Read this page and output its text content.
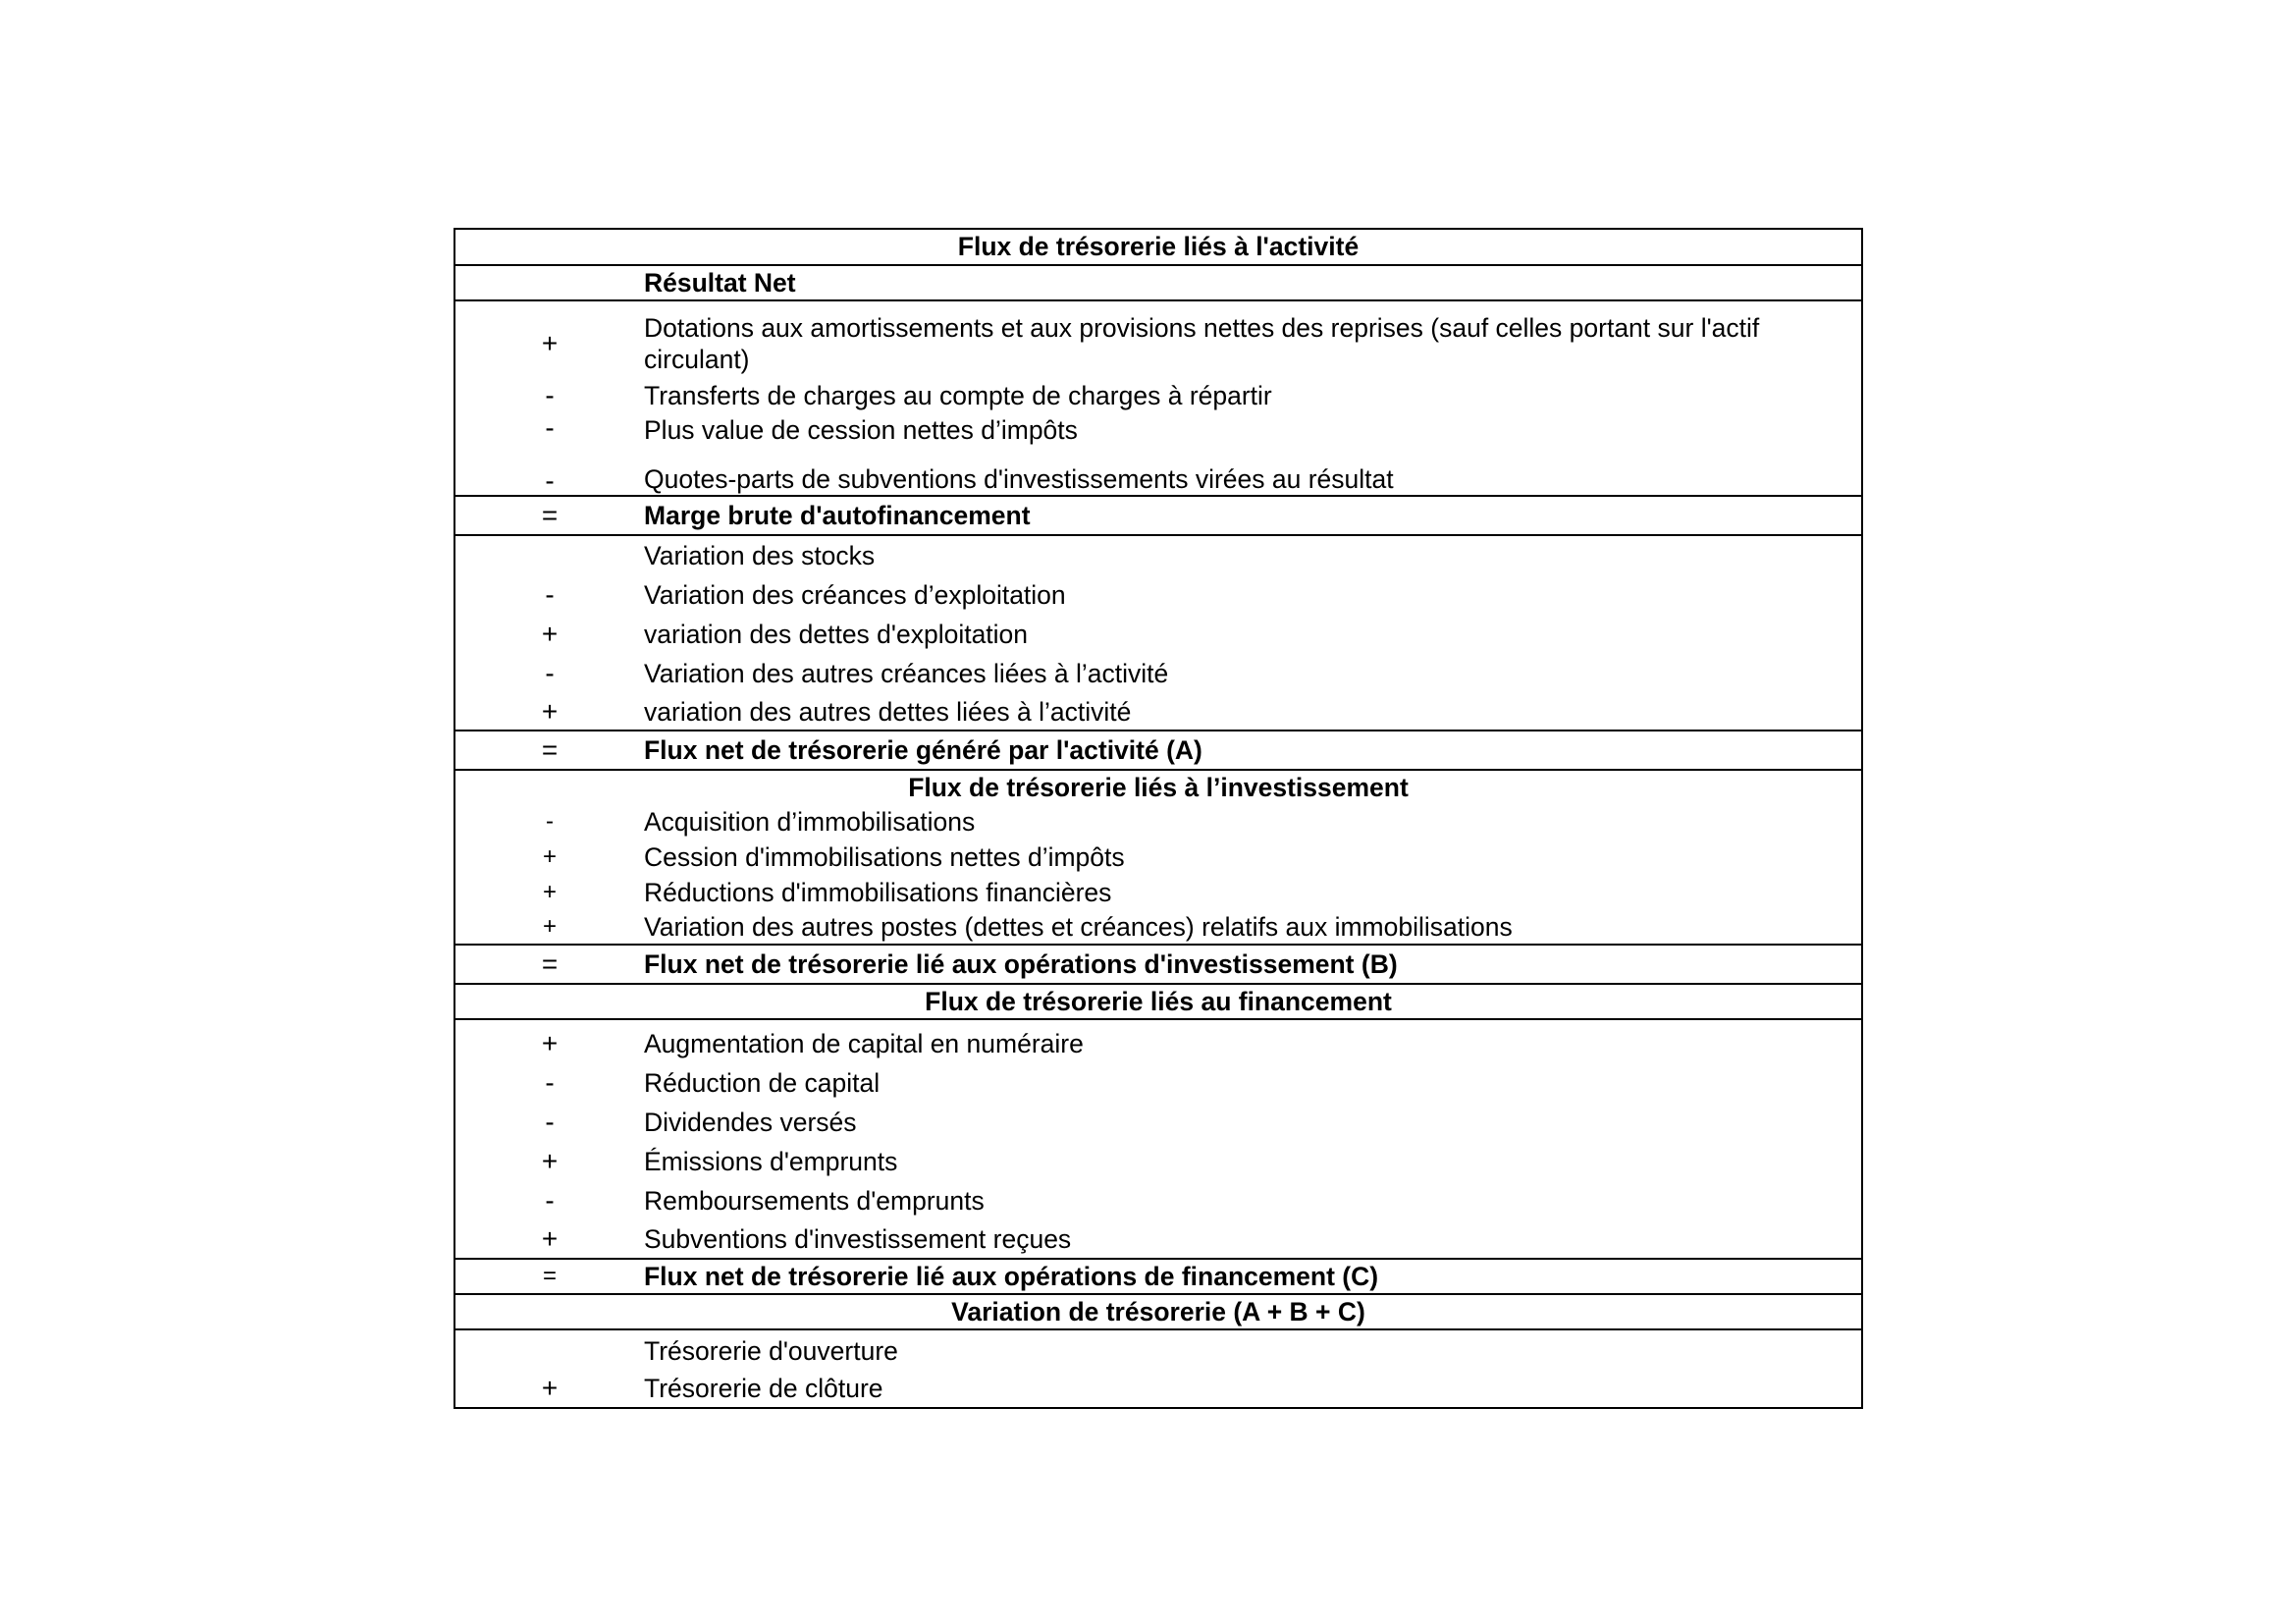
Flux de trésorerie liés à l'activité
Résultat Net
+	Dotations aux amortissements et aux provisions nettes des reprises (sauf celles portant sur l'actif circulant)
-	Transferts de charges au compte de charges à répartir
-	Plus value de cession nettes d’impôts
-	Quotes-parts de subventions d'investissements virées au résultat
=	Marge brute d'autofinancement
Variation des stocks
-	Variation des créances d’exploitation
+	variation des dettes d'exploitation
-	Variation des autres créances liées à l’activité
+	variation des autres dettes liées à l’activité
=	Flux net de trésorerie généré par l'activité (A)
Flux de trésorerie liés à l’investissement
-	Acquisition d’immobilisations
+	Cession d'immobilisations nettes d’impôts
+	Réductions d'immobilisations financières
+	Variation des autres postes (dettes et créances) relatifs aux immobilisations
=	Flux net de trésorerie lié aux opérations d'investissement (B)
Flux de trésorerie liés au financement
+	Augmentation de capital en numéraire
-	Réduction de capital
-	Dividendes versés
+	Émissions d'emprunts
-	Remboursements d'emprunts
+	Subventions d'investissement reçues
=	Flux net de trésorerie lié aux opérations de financement (C)
Variation de trésorerie (A + B + C)
Trésorerie d'ouverture
+	Trésorerie de clôture
